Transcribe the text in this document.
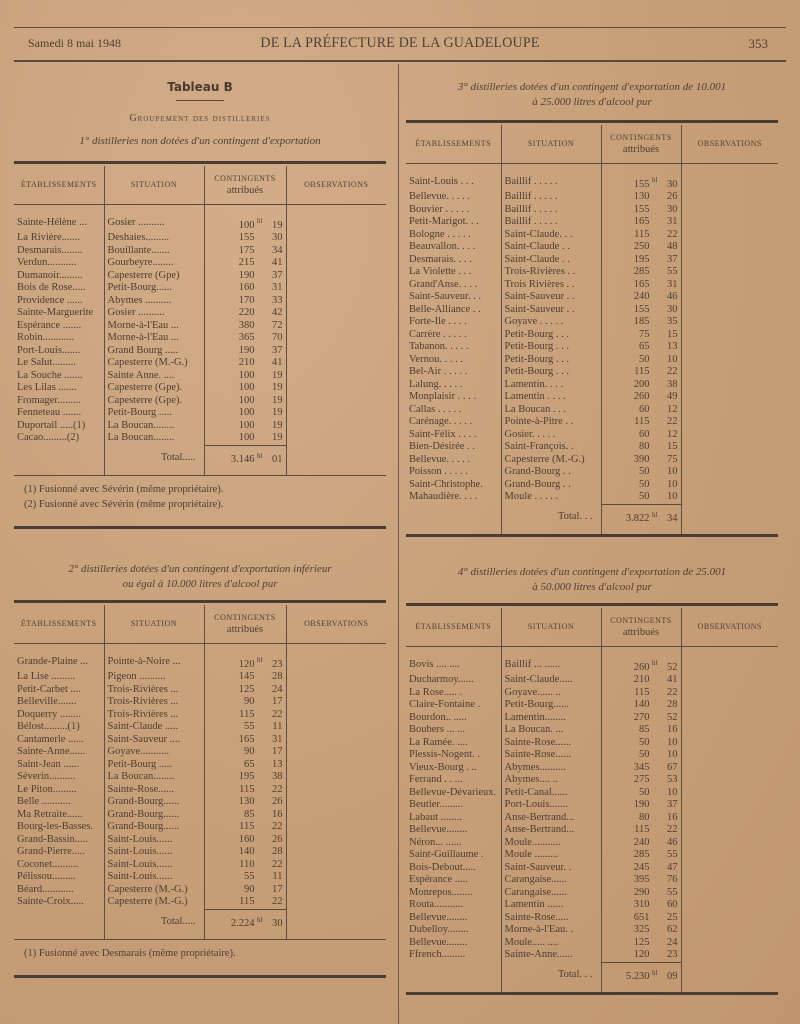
Samedi 8 mai 1948	DE LA PRÉFECTURE DE LA GUADELOUPE	353
Tableau B
Groupement des distilleries
1° distilleries non dotées d'un contingent d'exportation
ÉTABLISSEMENTS	SITUATION	CONTINGENTS
attribués	OBSERVATIONS
Sainte-Hélène ...	Gosier ..........	100 hl 19	
La Rivière.......	Deshaies.........	155 30	
Desmarais........	Bouillante.......	175 34	
Verdun...........	Gourbeyre........	215 41	
Dumanoir.........	Capesterre (Gpe)	190 37	
Bois de Rose.....	Petit-Bourg......	160 31	
Providence ......	Abymes ..........	170 33	
Sainte-Marguerite	Gosier ..........	220 42	
Espérance .......	Morne-à-l'Eau ...	380 72	
Robin............	Morne-à-l'Eau ...	365 70	
Port-Louis.......	Grand Bourg .....	190 37	
Le Salut.........	Capesterre (M.-G.)	210 41	
La Souche .......	Sainte Anne. ....	100 19	
Les Lilas .......	Capesterre (Gpe).	100 19	
Fromager.........	Capesterre (Gpe).	100 19	
Fenneteau .......	Petit-Bourg .....	100 19	
Duportail .....(1)	La Boucan........	100 19	
Cacao.........(2)	La Boucan........	100 19	
	Total.....	3.146 hl 01	
(1) Fusionné avec Sévérin (même propriétaire).
(2) Fusionné avec Sévérin (même propriétaire).
2° distilleries dotées d'un contingent d'exportation inférieur
ou égal à 10.000 litres d'alcool pur
ÉTABLISSEMENTS	SITUATION	CONTINGENTS
attribués	OBSERVATIONS
Grande-Plaine ...	Pointe-à-Noire ...	120 hl 23	
La Lise .........	Pigeon ..........	145 28	
Petit-Carbet ....	Trois-Rivières ...	125 24	
Belleville.......	Trois-Rivières ...	90 17	
Doquerry ........	Trois-Rivières ...	115 22	
Bélost.........(1)	Saint-Claude .....	55 11	
Cantamerle ......	Saint-Sauveur ....	165 31	
Sainte-Anne......	Goyave...........	90 17	
Saint-Jean ......	Petit-Bourg .....	65 13	
Séverin..........	La Boucan........	195 38	
Le Piton.........	Sainte-Rose......	115 22	
Belle ...........	Grand-Bourg......	130 26	
Ma Retraite......	Grand-Bourg......	85 16	
Bourg-les-Basses.	Grand-Bourg......	115 22	
Grand-Bassin.....	Saint-Louis......	160 26	
Grand-Pierre.....	Saint-Louis......	140 28	
Coconet..........	Saint-Louis......	110 22	
Pélissou.........	Saint-Louis......	55 11	
Béard............	Capesterre (M.-G.)	90 17	
Sainte-Croix.....	Capesterre (M.-G.)	115 22	
	Total.....	2.224 hl 30	
(1) Fusionné avec Desmarais (même propriétaire).
3° distilleries dotées d'un contingent d'exportation de 10.001
à 25.000 litres d'alcool pur
ÉTABLISSEMENTS	SITUATION	CONTINGENTS
attribués	OBSERVATIONS
Saint-Louis . . .	Baillif . . . . .	155 hl 30	
Bellevue. . . . .	Baillif . . . . .	130 26	
Bouvier . . . . .	Baillif . . . . .	155 30	
Petit-Marigot. . .	Baillif . . . . .	165 31	
Bologne . . . . .	Saint-Claude. . .	115 22	
Beauvallon. . . .	Saint-Claude . .	250 48	
Desmarais. . . .	Saint-Claude . .	195 37	
La Violette . . .	Trois-Rivières . .	285 55	
Grand'Anse. . . .	Trois Rivières . .	165 31	
Saint-Sauveur. . .	Saint-Sauveur . .	240 46	
Belle-Alliance . .	Saint-Sauveur . .	155 30	
Forte-Ile . . . .	Goyave . . . . .	185 35	
Carrère . . . . .	Petit-Bourg . . .	75 15	
Tabanon. . . . .	Petit-Bourg . . .	65 13	
Vernou. . . . .	Petit-Bourg . . .	50 10	
Bel-Air . . . . .	Petit-Bourg . . .	115 22	
Lalung. . . . .	Lamentin. . . .	200 38	
Monplaisir . . . .	Lamentin . . . .	260 49	
Callas . . . . .	La Boucan . . .	60 12	
Carénage. . . . .	Pointe-à-Pitre . .	115 22	
Saint-Félix . . . .	Gosier. . . . .	60 12	
Bien-Désirée . .	Saint-François. .	80 15	
Bellevue. . . . .	Capesterre (M.-G.)	390 75	
Poisson . . . . .	Grand-Bourg . .	50 10	
Saint-Christophe.	Grand-Bourg . .	50 10	
Mahaudière. . . .	Moule . . . . .	50 10	
	Total. . .	3.822 hl 34	
4° distilleries dotées d'un contingent d'exportation de 25.001
à 50.000 litres d'alcool pur
ÉTABLISSEMENTS	SITUATION	CONTINGENTS
attribués	OBSERVATIONS
Bovis .... ....	Baillif ... ......	260 hl 52	
Ducharmoy......	Saint-Claude.....	210 41	
La Rose..... .	Goyave...... ..	115 22	
Claire-Fontaine .	Petit-Bourg......	140 28	
Bourdon.. .....	Lamentin........	270 52	
Boubers ... ...	La Boucan. ...	85 16	
La Ramée. ....	Sainte-Rose......	50 10	
Plessis-Nogent. .	Sainte-Rose......	50 10	
Vieux-Bourg . ..	Abymes..........	345 67	
Ferrand . . ...	Abymes.... ..	275 53	
Bellevue-Dévarieux.	Petit-Canal......	50 10	
Beutier.........	Port-Louis.......	190 37	
Labaut ........	Anse-Bertrand...	80 16	
Bellevue........	Anse-Bertrand...	115 22	
Néron... ......	Moule...........	240 46	
Saint-Guillaume .	Moule .........	285 55	
Bois-Debout.....	Saint-Sauveur. .	245 47	
Espérance .....	Carangaise......	395 76	
Monrepos........	Carangaise......	290 55	
Routa...........	Lamentin ......	310 60	
Bellevue........	Sainte-Rose.....	651 25	
Dubelloy........	Morne-à-l'Eau. .	325 62	
Bellevue........	Moule..... ....	125 24	
Ffrench.........	Sainte-Anne......	120 23	
	Total. . .	5.230 hl 09	
